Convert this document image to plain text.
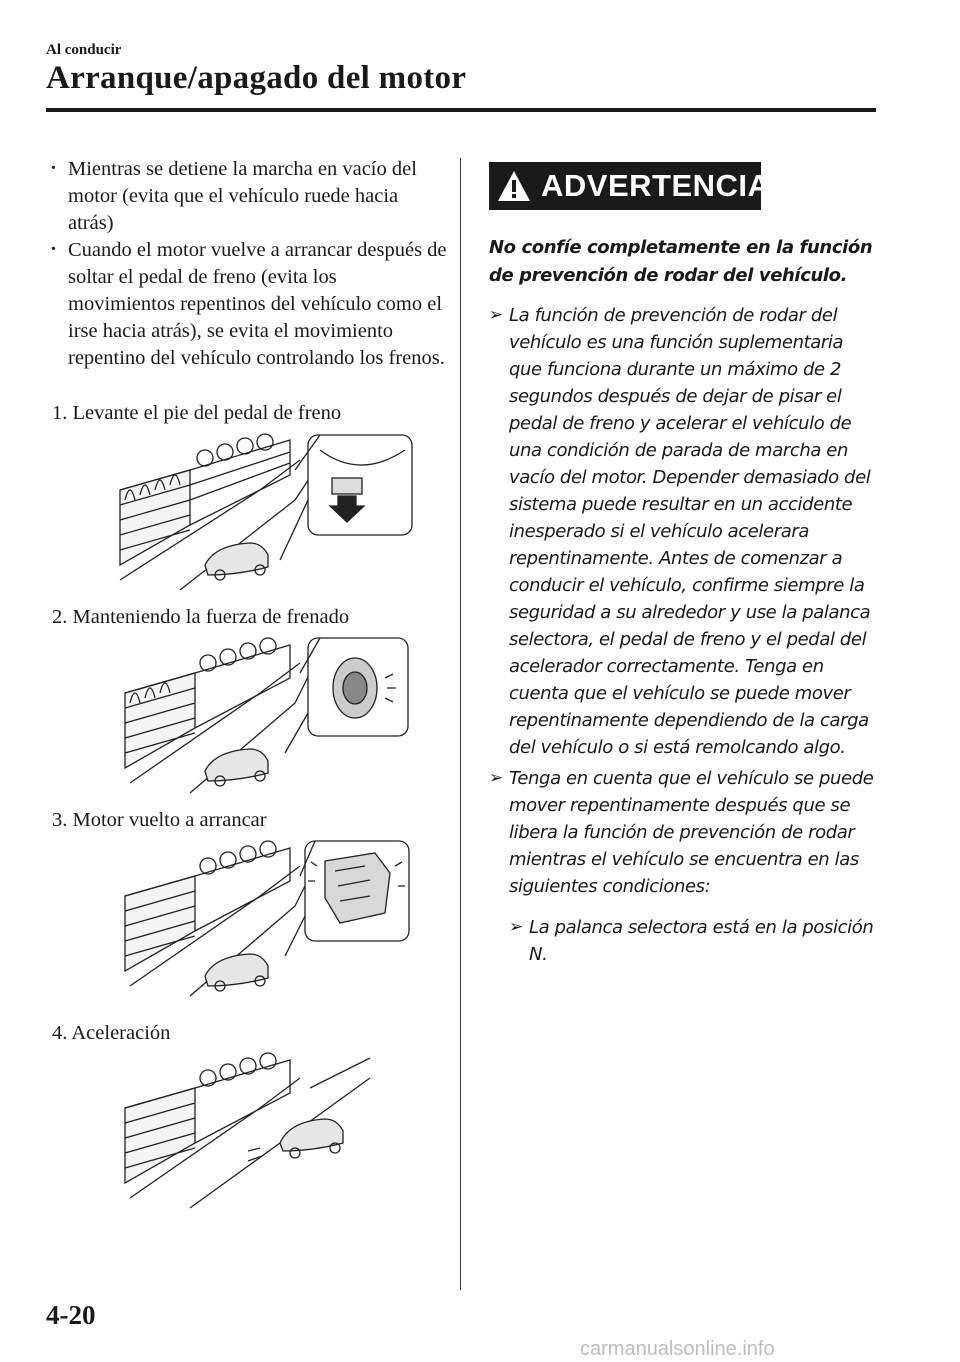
Al conducir
Arranque/apagado del motor
· Mientras se detiene la marcha en vacío del motor (evita que el vehículo ruede hacia atrás)
· Cuando el motor vuelve a arrancar después de soltar el pedal de freno (evita los movimientos repentinos del vehículo como el irse hacia atrás), se evita el movimiento repentino del vehículo controlando los frenos.
1. Levante el pie del pedal de freno
2. Manteniendo la fuerza de frenado
3. Motor vuelto a arrancar
4. Aceleración
ADVERTENCIA
No confíe completamente en la función de prevención de rodar del vehículo.
➢ La función de prevención de rodar del vehículo es una función suplementaria que funciona durante un máximo de 2 segundos después de dejar de pisar el pedal de freno y acelerar el vehículo de una condición de parada de marcha en vacío del motor. Depender demasiado del sistema puede resultar en un accidente inesperado si el vehículo acelerara repentinamente. Antes de comenzar a conducir el vehículo, confirme siempre la seguridad a su alrededor y use la palanca selectora, el pedal de freno y el pedal del acelerador correctamente. Tenga en cuenta que el vehículo se puede mover repentinamente dependiendo de la carga del vehículo o si está remolcando algo.
➢ Tenga en cuenta que el vehículo se puede mover repentinamente después que se libera la función de prevención de rodar mientras el vehículo se encuentra en las siguientes condiciones:
➢ La palanca selectora está en la posición N.
4-20
carmanualsonline.info
